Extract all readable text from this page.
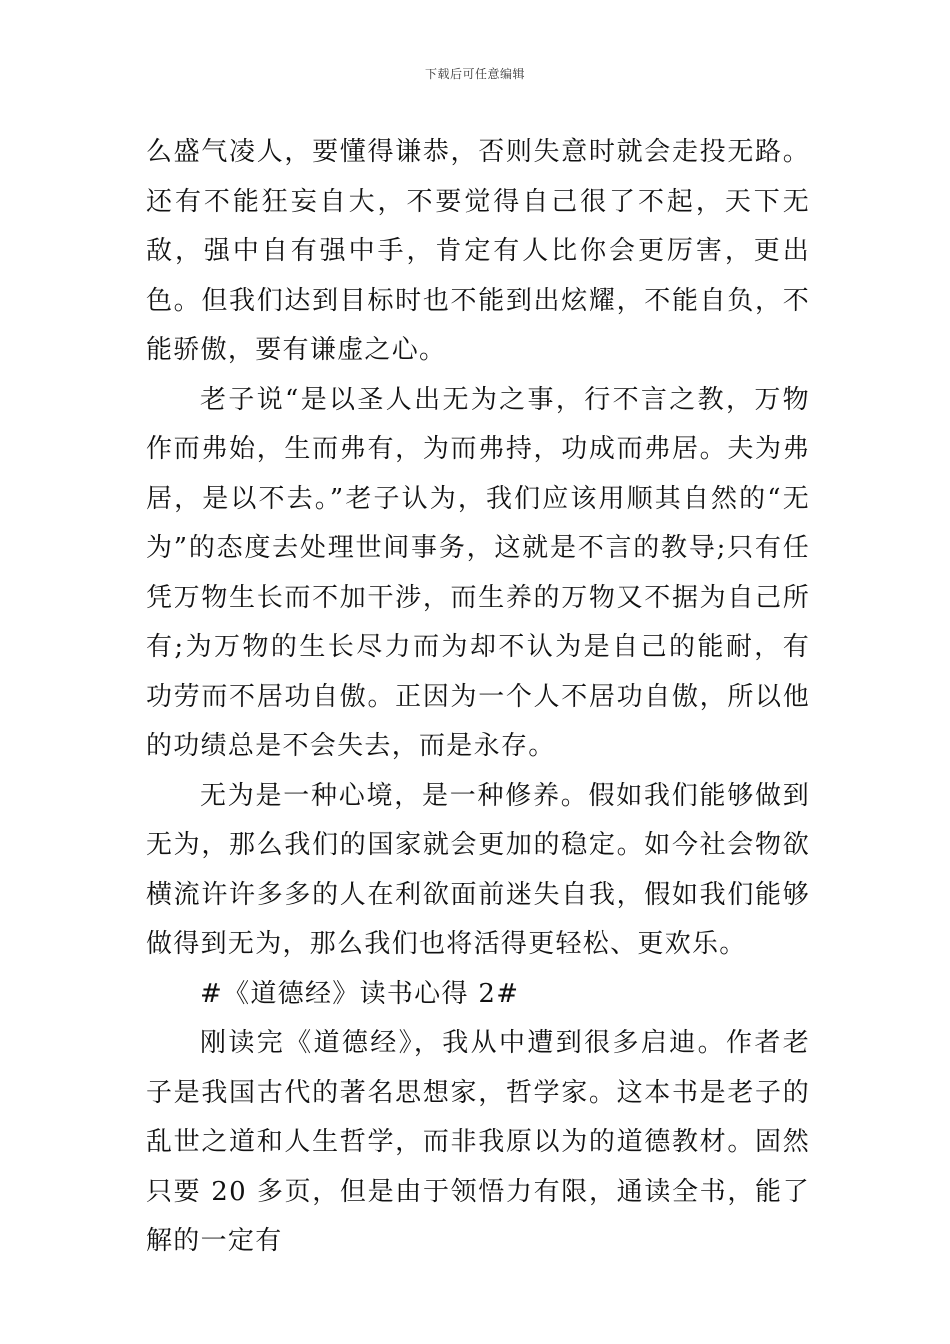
下载后可任意编辑

么盛气凌人，要懂得谦恭，否则失意时就会走投无路。还有不能狂妄自大，不要觉得自己很了不起，天下无敌，强中自有强中手，肯定有人比你会更厉害，更出色。但我们达到目标时也不能到出炫耀，不能自负，不能骄傲，要有谦虚之心。

老子说“是以圣人出无为之事，行不言之教，万物作而弗始，生而弗有，为而弗持，功成而弗居。夫为弗居，是以不去。”老子认为，我们应该用顺其自然的“无为”的态度去处理世间事务，这就是不言的教导;只有任凭万物生长而不加干涉，而生养的万物又不据为自己所有;为万物的生长尽力而为却不认为是自己的能耐，有功劳而不居功自傲。正因为一个人不居功自傲，所以他的功绩总是不会失去，而是永存。

无为是一种心境，是一种修养。假如我们能够做到无为，那么我们的国家就会更加的稳定。如今社会物欲横流许许多多的人在利欲面前迷失自我，假如我们能够做得到无为，那么我们也将活得更轻松、更欢乐。

#《道德经》读书心得 2#

刚读完《道德经》，我从中遭到很多启迪。作者老子是我国古代的著名思想家，哲学家。这本书是老子的乱世之道和人生哲学，而非我原以为的道德教材。固然只要 20 多页，但是由于领悟力有限，通读全书，能了解的一定有
